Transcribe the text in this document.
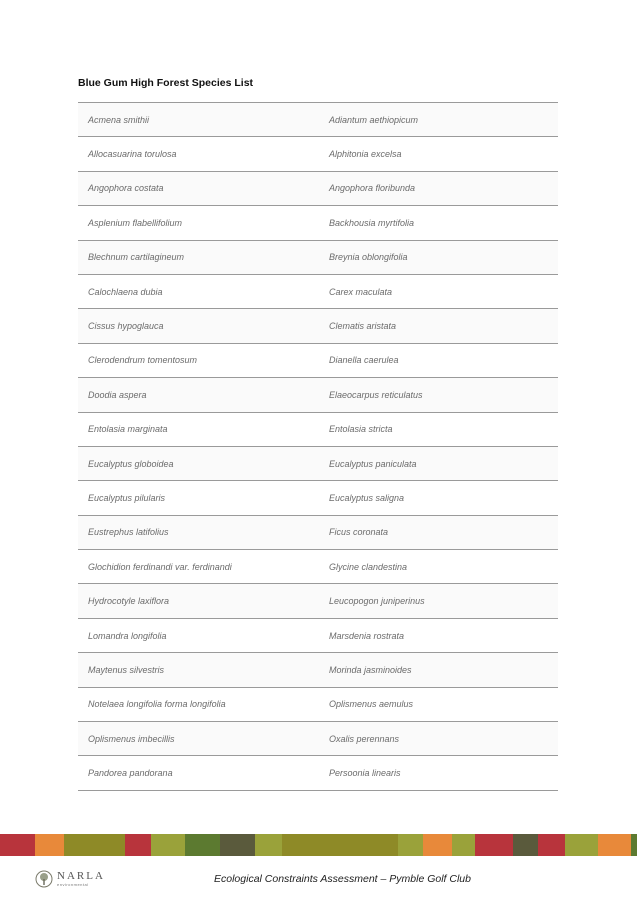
Blue Gum High Forest Species List
Acmena smithii	Adiantum aethiopicum
Allocasuarina torulosa	Alphitonia excelsa
Angophora costata	Angophora floribunda
Asplenium flabellifolium	Backhousia myrtifolia
Blechnum cartilagineum	Breynia oblongifolia
Calochlaena dubia	Carex maculata
Cissus hypoglauca	Clematis aristata
Clerodendrum tomentosum	Dianella caerulea
Doodia aspera	Elaeocarpus reticulatus
Entolasia marginata	Entolasia stricta
Eucalyptus globoidea	Eucalyptus paniculata
Eucalyptus pilularis	Eucalyptus saligna
Eustrephus latifolius	Ficus coronata
Glochidion ferdinandi var. ferdinandi	Glycine clandestina
Hydrocotyle laxiflora	Leucopogon juniperinus
Lomandra longifolia	Marsdenia rostrata
Maytenus silvestris	Morinda jasminoides
Notelaea longifolia forma longifolia	Oplismenus aemulus
Oplismenus imbecillis	Oxalis perennans
Pandorea pandorana	Persoonia linearis
NARLA
environmental	Ecological Constraints Assessment – Pymble Golf Club
